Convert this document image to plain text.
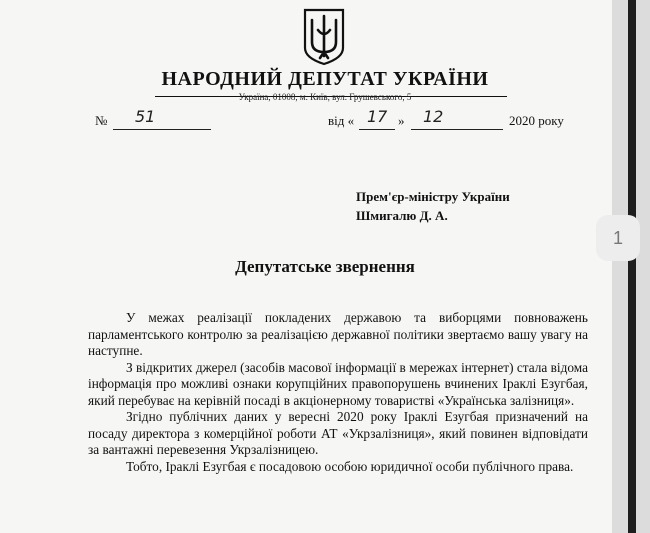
НАРОДНИЙ ДЕПУТАТ УКРАЇНИ
Україна, 01008, м. Київ, вул. Грушевського, 5
№ 51	від « 17 » 12	2020 року
Прем'єр-міністру України
Шмигалю Д. А.
Депутатське звернення

У межах реалізації покладених державою та виборцями повноважень парламентського контролю за реалізацією державної політики звертаємо вашу увагу на наступне.

З відкритих джерел (засобів масової інформації в мережах інтернет) стала відома інформація про можливі ознаки корупційних правопорушень вчинених Іраклі Езугбая, який перебуває на керівній посаді в акціонерному товаристві «Українська залізниця».

Згідно публічних даних у вересні 2020 року Іраклі Езугбая призначений на посаду директора з комерційної роботи АТ «Укрзалізниця», який повинен відповідати за вантажні перевезення Укрзалізницею.

Тобто, Іраклі Езугбая є посадовою особою юридичної особи публічного права.

1
